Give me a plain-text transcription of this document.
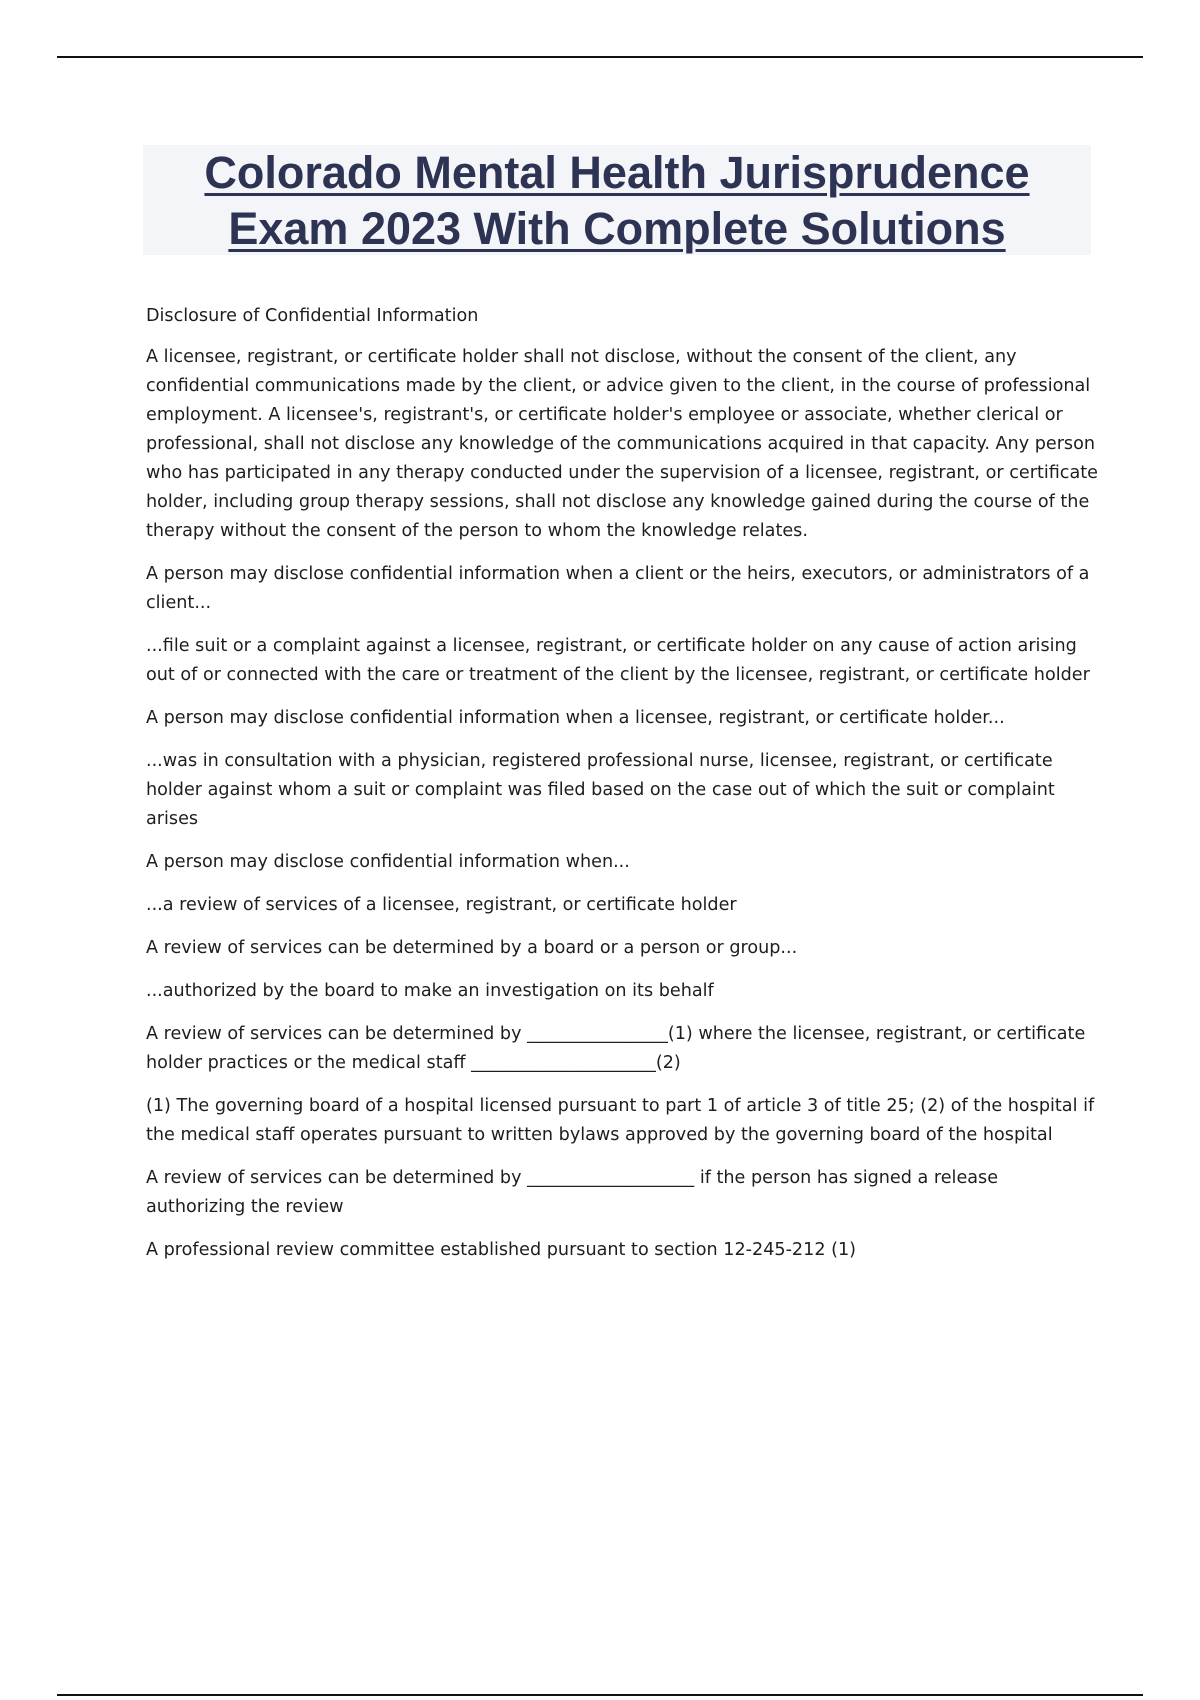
Colorado Mental Health Jurisprudence
Exam 2023 With Complete Solutions

Disclosure of Confidential Information

A licensee, registrant, or certificate holder shall not disclose, without the consent of the client, any confidential communications made by the client, or advice given to the client, in the course of professional employment. A licensee's, registrant's, or certificate holder's employee or associate, whether clerical or professional, shall not disclose any knowledge of the communications acquired in that capacity. Any person who has participated in any therapy conducted under the supervision of a licensee, registrant, or certificate holder, including group therapy sessions, shall not disclose any knowledge gained during the course of the therapy without the consent of the person to whom the knowledge relates.

A person may disclose confidential information when a client or the heirs, executors, or administrators of a client...

...file suit or a complaint against a licensee, registrant, or certificate holder on any cause of action arising out of or connected with the care or treatment of the client by the licensee, registrant, or certificate holder

A person may disclose confidential information when a licensee, registrant, or certificate holder...

...was in consultation with a physician, registered professional nurse, licensee, registrant, or certificate holder against whom a suit or complaint was filed based on the case out of which the suit or complaint arises

A person may disclose confidential information when...

...a review of services of a licensee, registrant, or certificate holder

A review of services can be determined by a board or a person or group...

...authorized by the board to make an investigation on its behalf

A review of services can be determined by ________________(1) where the licensee, registrant, or certificate holder practices or the medical staff _____________________(2)

(1) The governing board of a hospital licensed pursuant to part 1 of article 3 of title 25; (2) of the hospital if the medical staff operates pursuant to written bylaws approved by the governing board of the hospital

A review of services can be determined by ___________________ if the person has signed a release authorizing the review

A professional review committee established pursuant to section 12-245-212 (1)
